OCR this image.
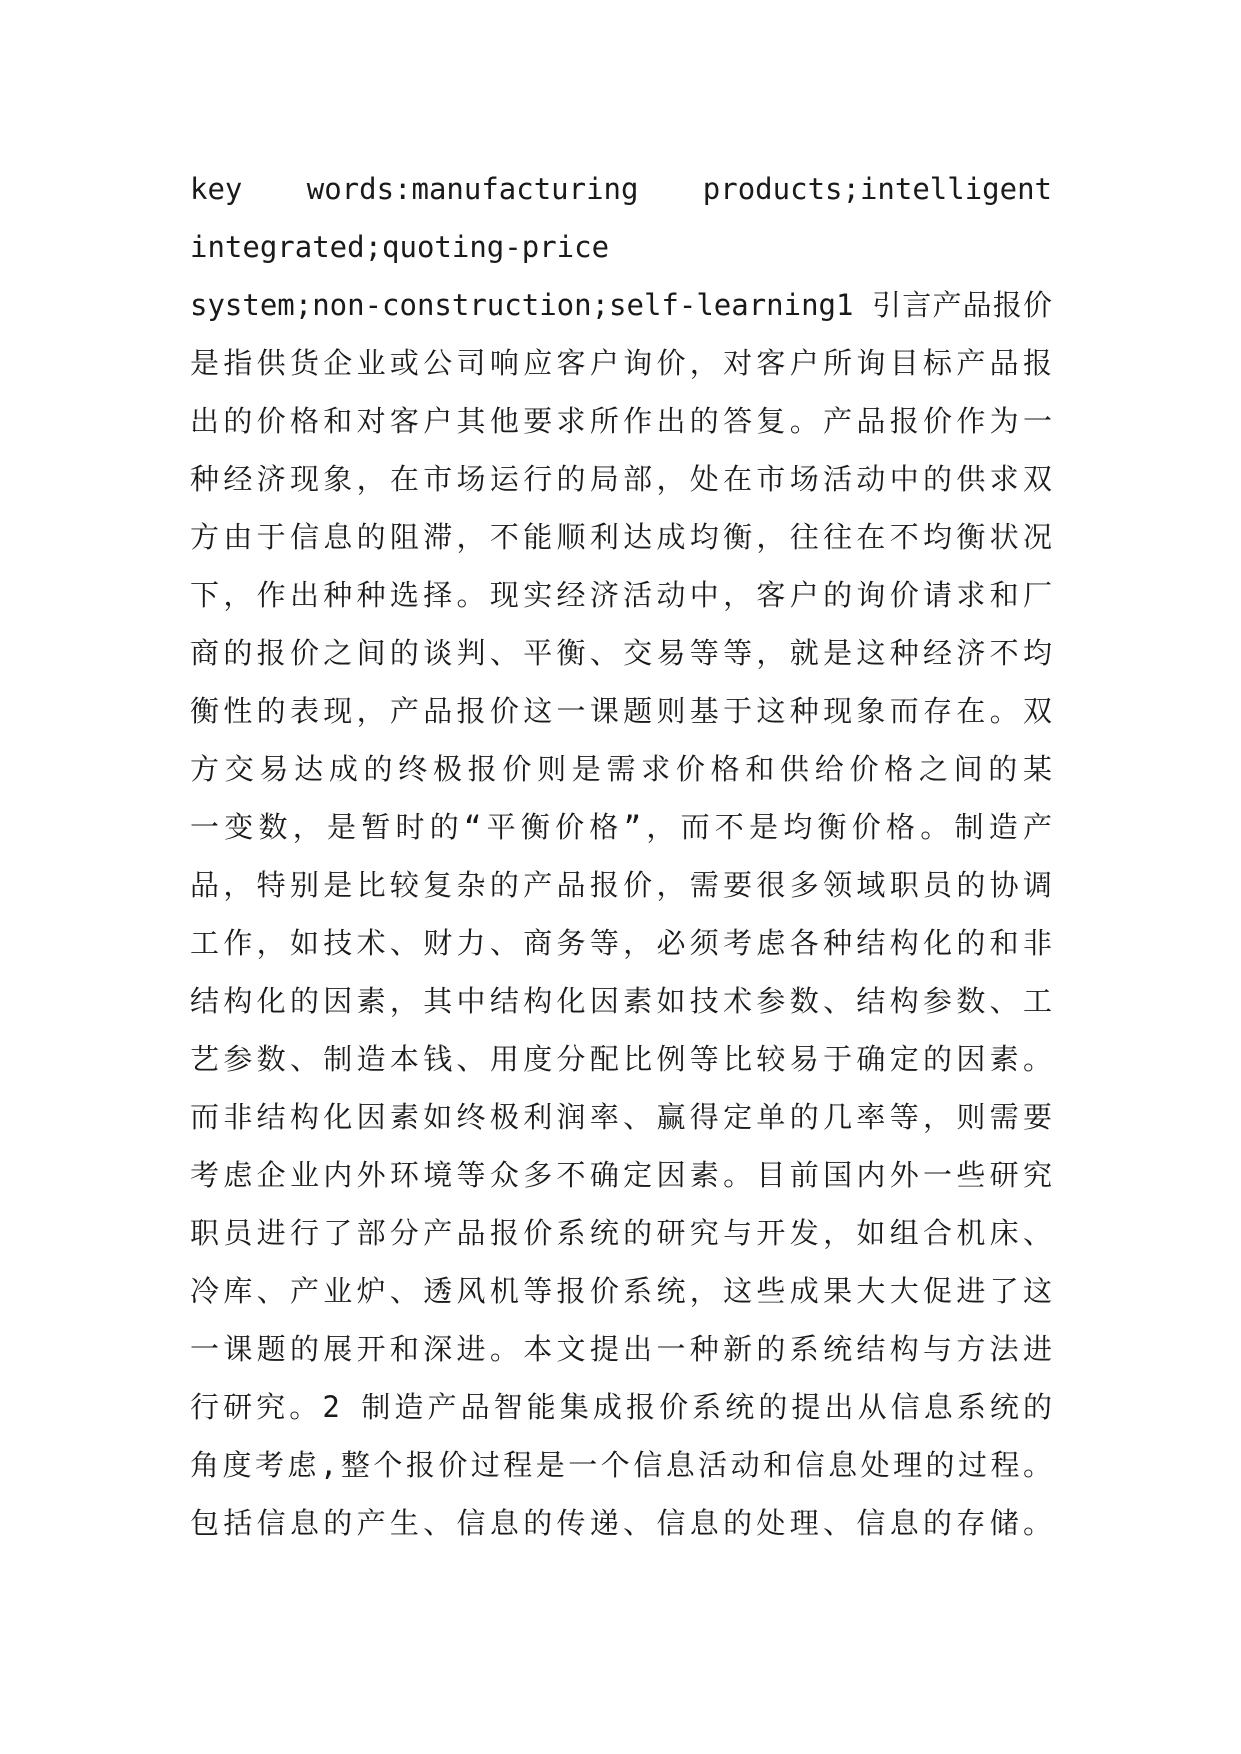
key words:manufacturing products;intelligent
integrated;quoting-price
system;non-construction;self-learning1 引言产品报价
是指供货企业或公司响应客户询价，对客户所询目标产品报
出的价格和对客户其他要求所作出的答复。产品报价作为一
种经济现象，在市场运行的局部，处在市场活动中的供求双
方由于信息的阻滞，不能顺利达成均衡，往往在不均衡状况
下，作出种种选择。现实经济活动中，客户的询价请求和厂
商的报价之间的谈判、平衡、交易等等，就是这种经济不均
衡性的表现，产品报价这一课题则基于这种现象而存在。双
方交易达成的终极报价则是需求价格和供给价格之间的某
一变数，是暂时的“平衡价格”，而不是均衡价格。制造产
品，特别是比较复杂的产品报价，需要很多领域职员的协调
工作，如技术、财力、商务等，必须考虑各种结构化的和非
结构化的因素，其中结构化因素如技术参数、结构参数、工
艺参数、制造本钱、用度分配比例等比较易于确定的因素。
而非结构化因素如终极利润率、赢得定单的几率等，则需要
考虑企业内外环境等众多不确定因素。目前国内外一些研究
职员进行了部分产品报价系统的研究与开发，如组合机床、
冷库、产业炉、透风机等报价系统，这些成果大大促进了这
一课题的展开和深进。本文提出一种新的系统结构与方法进
行研究。2 制造产品智能集成报价系统的提出从信息系统的
角度考虑,整个报价过程是一个信息活动和信息处理的过程。
包括信息的产生、信息的传递、信息的处理、信息的存储。
